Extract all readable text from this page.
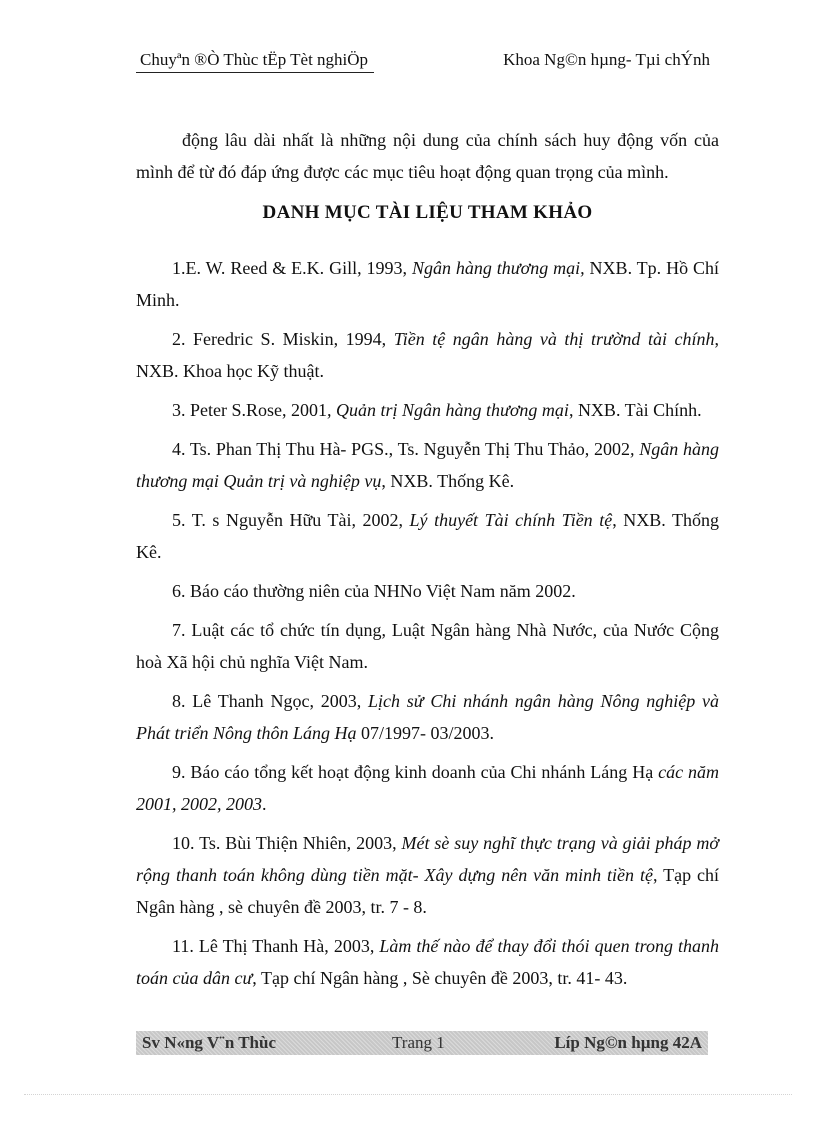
Chuyªn ®Ò Thùc tËp Tèt nghiÖp	Khoa Ng©n hµng- Tµi chÝnh

động lâu dài nhất là những nội dung của chính sách huy động vốn của mình để từ đó đáp ứng được các mục tiêu hoạt động quan trọng của mình.

DANH MỤC TÀI LIỆU THAM KHẢO

1.E. W. Reed & E.K. Gill, 1993, Ngân hàng thương mại, NXB. Tp. Hồ Chí Minh.

2. Feredric S. Miskin, 1994, Tiền tệ ngân hàng và thị trườnd tài chính, NXB. Khoa học Kỹ thuật.

3. Peter S.Rose, 2001, Quản trị Ngân hàng thương mại, NXB. Tài Chính.

4. Ts. Phan Thị Thu Hà- PGS., Ts. Nguyễn Thị Thu Thảo, 2002, Ngân hàng thương mại Quản trị và nghiệp vụ, NXB. Thống Kê.

5. T. s Nguyễn Hữu Tài, 2002, Lý thuyết Tài chính Tiền tệ, NXB. Thống Kê.

6. Báo cáo thường niên của NHNo Việt Nam năm 2002.

7. Luật các tổ chức tín dụng, Luật Ngân hàng Nhà Nước, của Nước Cộng hoà Xã hội chủ nghĩa Việt Nam.

8. Lê Thanh Ngọc, 2003, Lịch sử Chi nhánh ngân hàng Nông nghiệp và Phát triển Nông thôn Láng Hạ 07/1997- 03/2003.

9. Báo cáo tổng kết hoạt động kinh doanh của Chi nhánh Láng Hạ các năm 2001, 2002, 2003.

10. Ts. Bùi Thiện Nhiên, 2003, Mét sè suy nghĩ thực trạng và giải pháp mở rộng thanh toán không dùng tiền mặt- Xây dựng nên văn minh tiền tệ, Tạp chí Ngân hàng , sè chuyên đề 2003, tr. 7 - 8.

11. Lê Thị Thanh Hà, 2003, Làm thế nào để thay đổi thói quen trong thanh toán của dân cư, Tạp chí Ngân hàng , Sè chuyên đề 2003, tr. 41- 43.

Sv N«ng V¨n Thùc	Trang 1	Líp Ng©n hµng 42A
